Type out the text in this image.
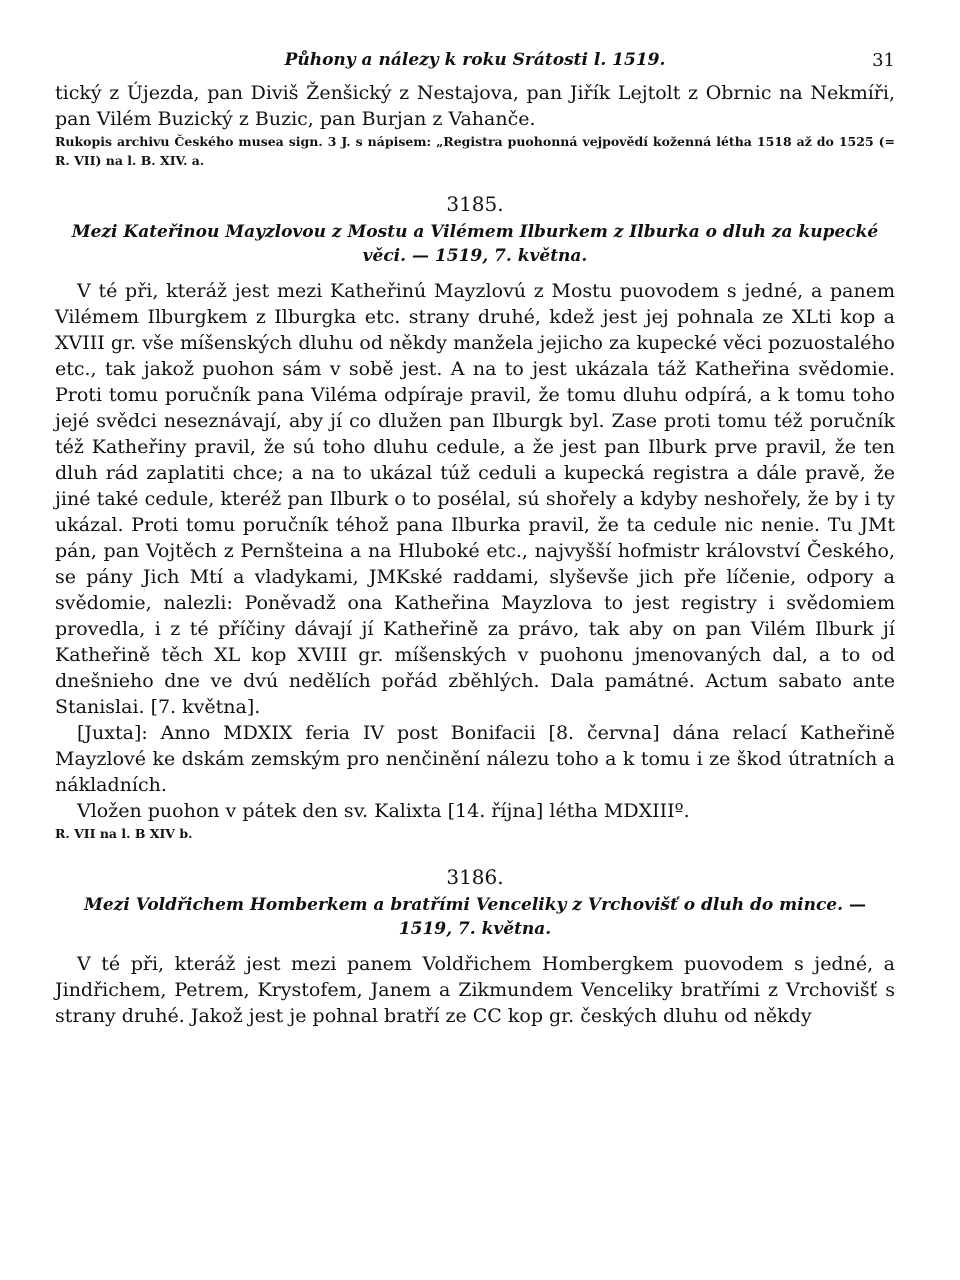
Půhony a nálezy k roku Srátosti l. 1519.	31

tický z Újezda, pan Diviš Ženšický z Nestajova, pan Jiřík Lejtolt z Obrnic na Nekmíři, pan Vilém Buzický z Buzic, pan Burjan z Vahanče.

Rukopis archivu Českého musea sign. 3 J. s nápisem: „Registra puohonná vejpovědí koženná létha 1518 až do 1525 (= R. VII) na l. B. XIV. a.

3185.
Mezi Kateřinou Mayzlovou z Mostu a Vilémem Ilburkem z Ilburka o dluh za kupecké věci. — 1519, 7. května.

V té při, kteráž jest mezi Katheřinú Mayzlovú z Mostu puovodem s jedné, a panem Vilémem Ilburgkem z Ilburgka etc. strany druhé, kdež jest jej pohnala ze XLti kop a XVIII gr. vše míšenských dluhu od někdy manžela jejicho za kupecké věci pozuostalého etc., tak jakož puohon sám v sobě jest. A na to jest ukázala táž Katheřina svědomie. Proti tomu poručník pana Viléma odpíraje pravil, že tomu dluhu odpírá, a k tomu toho jejé svědci neseznávají, aby jí co dlužen pan Ilburgk byl. Zase proti tomu též poručník též Katheřiny pravil, že sú toho dluhu cedule, a že jest pan Ilburk prve pravil, že ten dluh rád zaplatiti chce; a na to ukázal túž ceduli a kupecká registra a dále pravě, že jiné také cedule, kteréž pan Ilburk o to posélal, sú shořely a kdyby neshořely, že by i ty ukázal. Proti tomu poručník téhož pana Ilburka pravil, že ta cedule nic nenie. Tu JMt pán, pan Vojtěch z Pernšteina a na Hluboké etc., najvyšší hofmistr království Českého, se pány Jich Mtí a vladykami, JMKské raddami, slyševše jich pře líčenie, odpory a svědomie, nalezli: Poněvadž ona Katheřina Mayzlova to jest registry i svědomiem provedla, i z té příčiny dávají jí Katheřině za právo, tak aby on pan Vilém Ilburk jí Katheřině těch XL kop XVIII gr. míšenských v puohonu jmenovaných dal, a to od dnešnieho dne ve dvú nedělích pořád zběhlých. Dala památné. Actum sabato ante Stanislai. [7. května].

[Juxta]: Anno MDXIX feria IV post Bonifacii [8. června] dána relací Katheřině Mayzlové ke dskám zemským pro nenčinění nálezu toho a k tomu i ze škod útratních a nákladních.

Vložen puohon v pátek den sv. Kalixta [14. října] létha MDXIIIº.

R. VII na l. B XIV b.

3186.
Mezi Voldřichem Homberkem a bratřími Venceliky z Vrchovišť o dluh do mince. — 1519, 7. května.

V té při, kteráž jest mezi panem Voldřichem Hombergkem puovodem s jedné, a Jindřichem, Petrem, Krystofem, Janem a Zikmundem Venceliky bratřími z Vrchovišť s strany druhé. Jakož jest je pohnal bratří ze CC kop gr. českých dluhu od někdy
